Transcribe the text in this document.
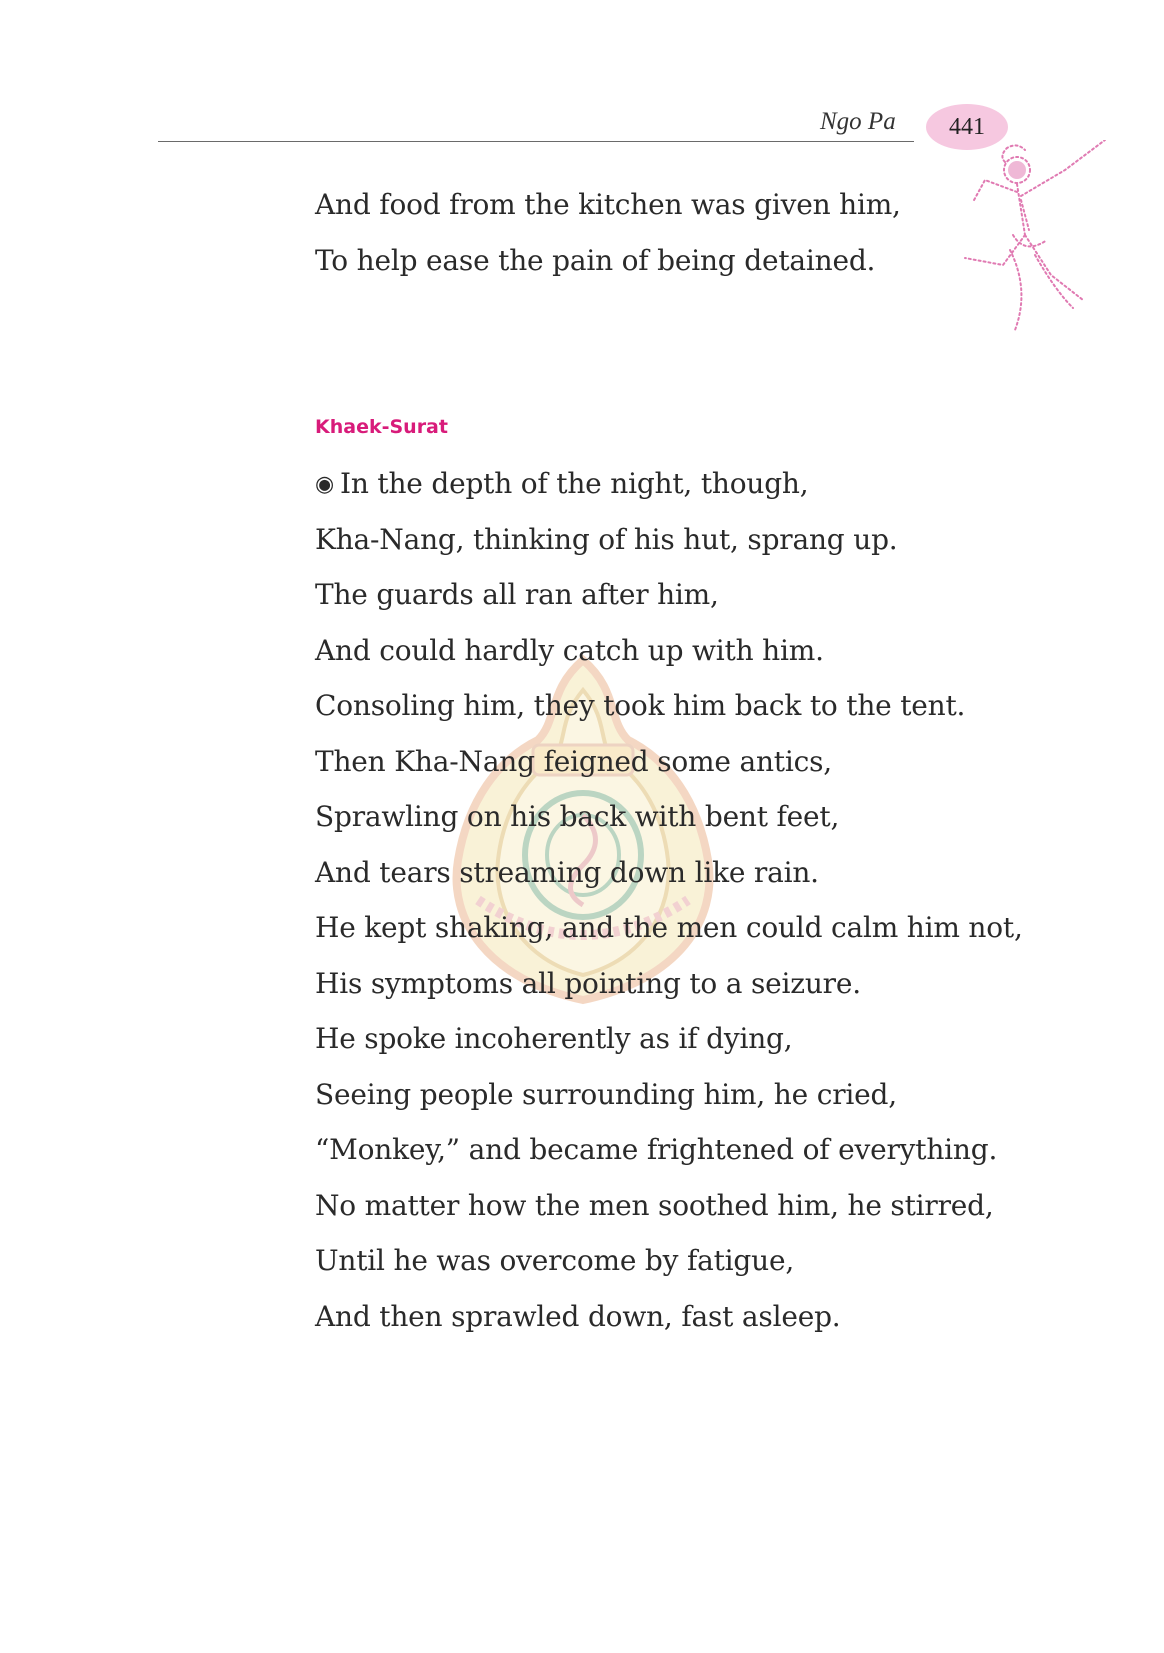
Ngo Pa 441
And food from the kitchen was given him,
To help ease the pain of being detained.
Khaek-Surat
◉ In the depth of the night, though,
Kha-Nang, thinking of his hut, sprang up.
The guards all ran after him,
And could hardly catch up with him.
Consoling him, they took him back to the tent.
Then Kha-Nang feigned some antics,
Sprawling on his back with bent feet,
And tears streaming down like rain.
He kept shaking, and the men could calm him not,
His symptoms all pointing to a seizure.
He spoke incoherently as if dying,
Seeing people surrounding him, he cried,
“Monkey,” and became frightened of everything.
No matter how the men soothed him, he stirred,
Until he was overcome by fatigue,
And then sprawled down, fast asleep.
